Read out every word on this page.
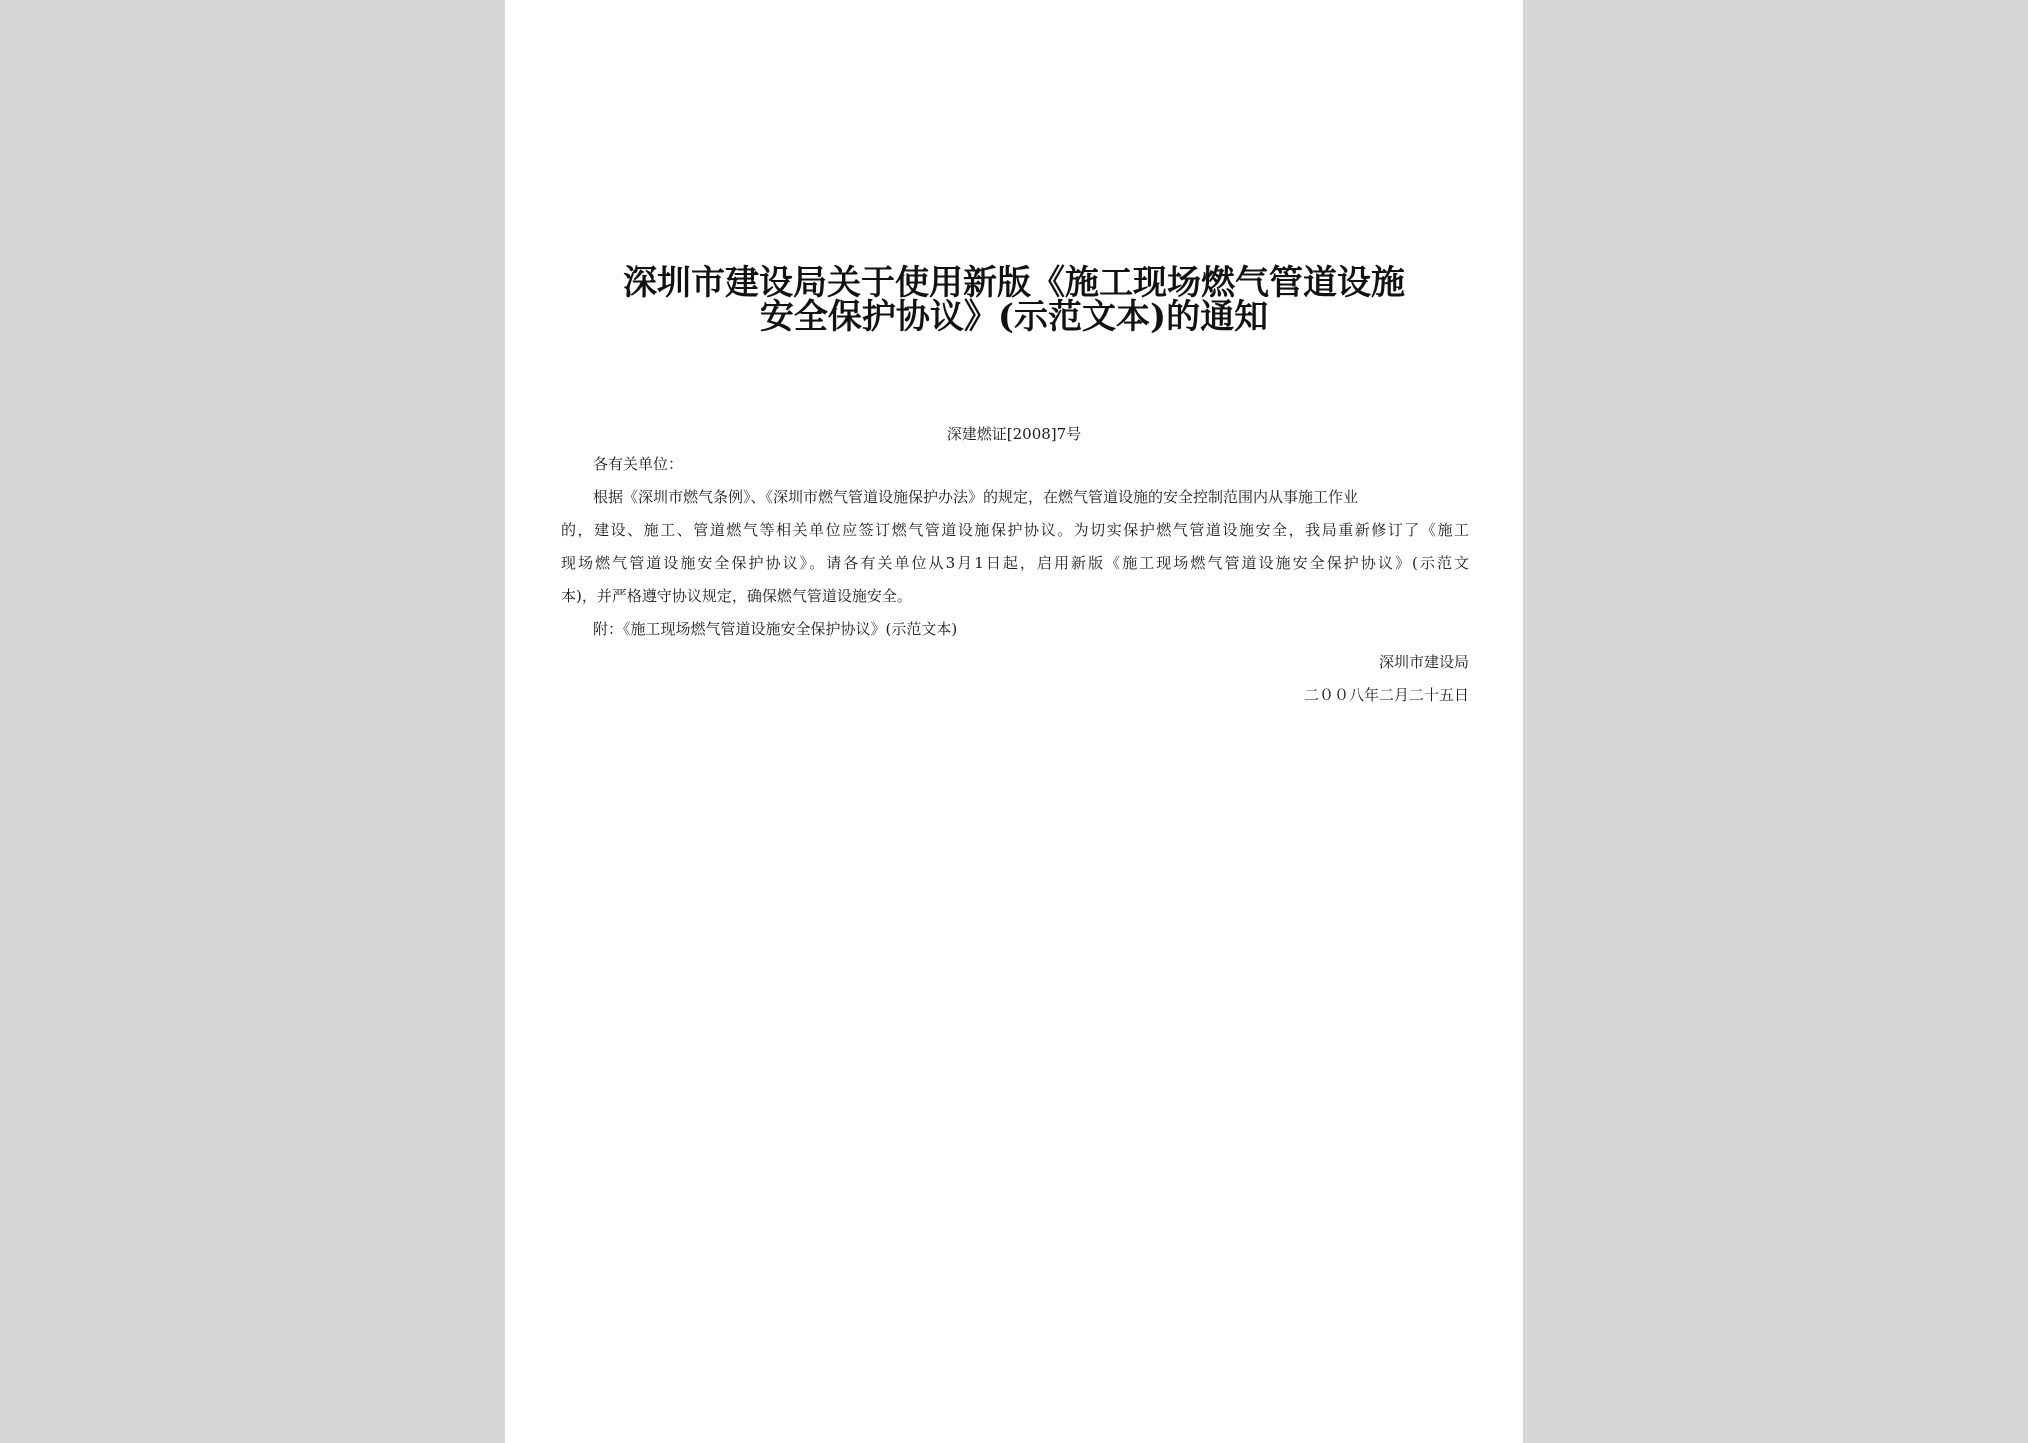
深圳市建设局关于使用新版《施工现场燃气管道设施
安全保护协议》(示范文本)的通知
深建燃证[2008]7号
各有关单位：
根据《深圳市燃气条例》、《深圳市燃气管道设施保护办法》的规定，在燃气管道设施的安全控制范围内从事施工作业
的，建设、施工、管道燃气等相关单位应签订燃气管道设施保护协议。为切实保护燃气管道设施安全，我局重新修订了《施工
现场燃气管道设施安全保护协议》。请各有关单位从3月1日起，启用新版《施工现场燃气管道设施安全保护协议》(示范文
本)，并严格遵守协议规定，确保燃气管道设施安全。
附：《施工现场燃气管道设施安全保护协议》(示范文本)
深圳市建设局
二００八年二月二十五日
